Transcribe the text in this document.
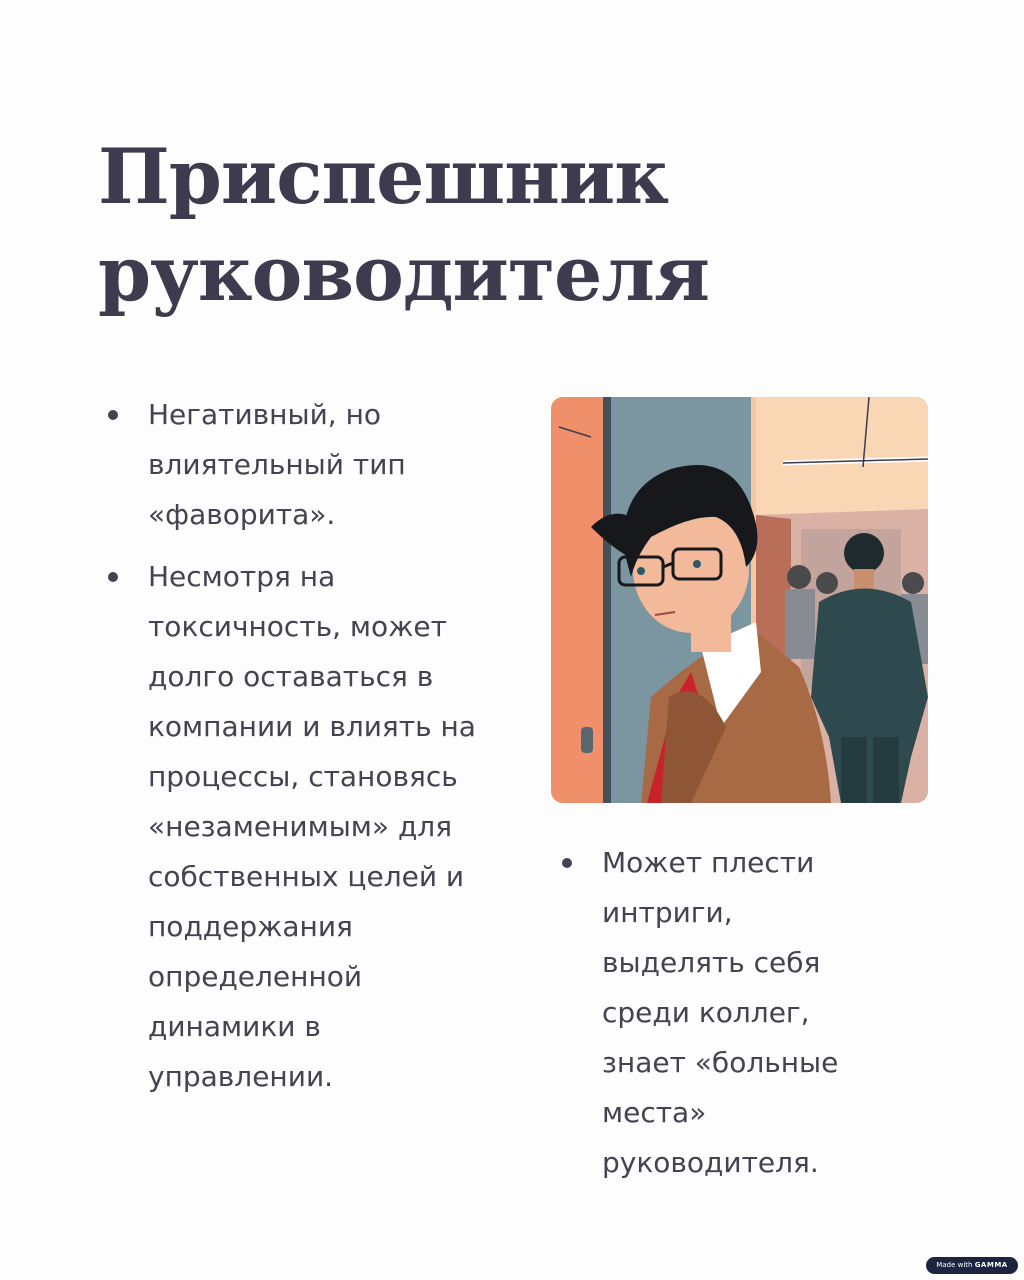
Приспешник
руководителя
Негативный, но влиятельный тип «фаворита».
Несмотря на токсичность, может долго оставаться в компании и влиять на процессы, становясь «незаменимым» для собственных целей и поддержания определенной динамики в управлении.
Может плести интриги, выделять себя среди коллег, знает «больные места» руководителя.
Made with GAMMA
